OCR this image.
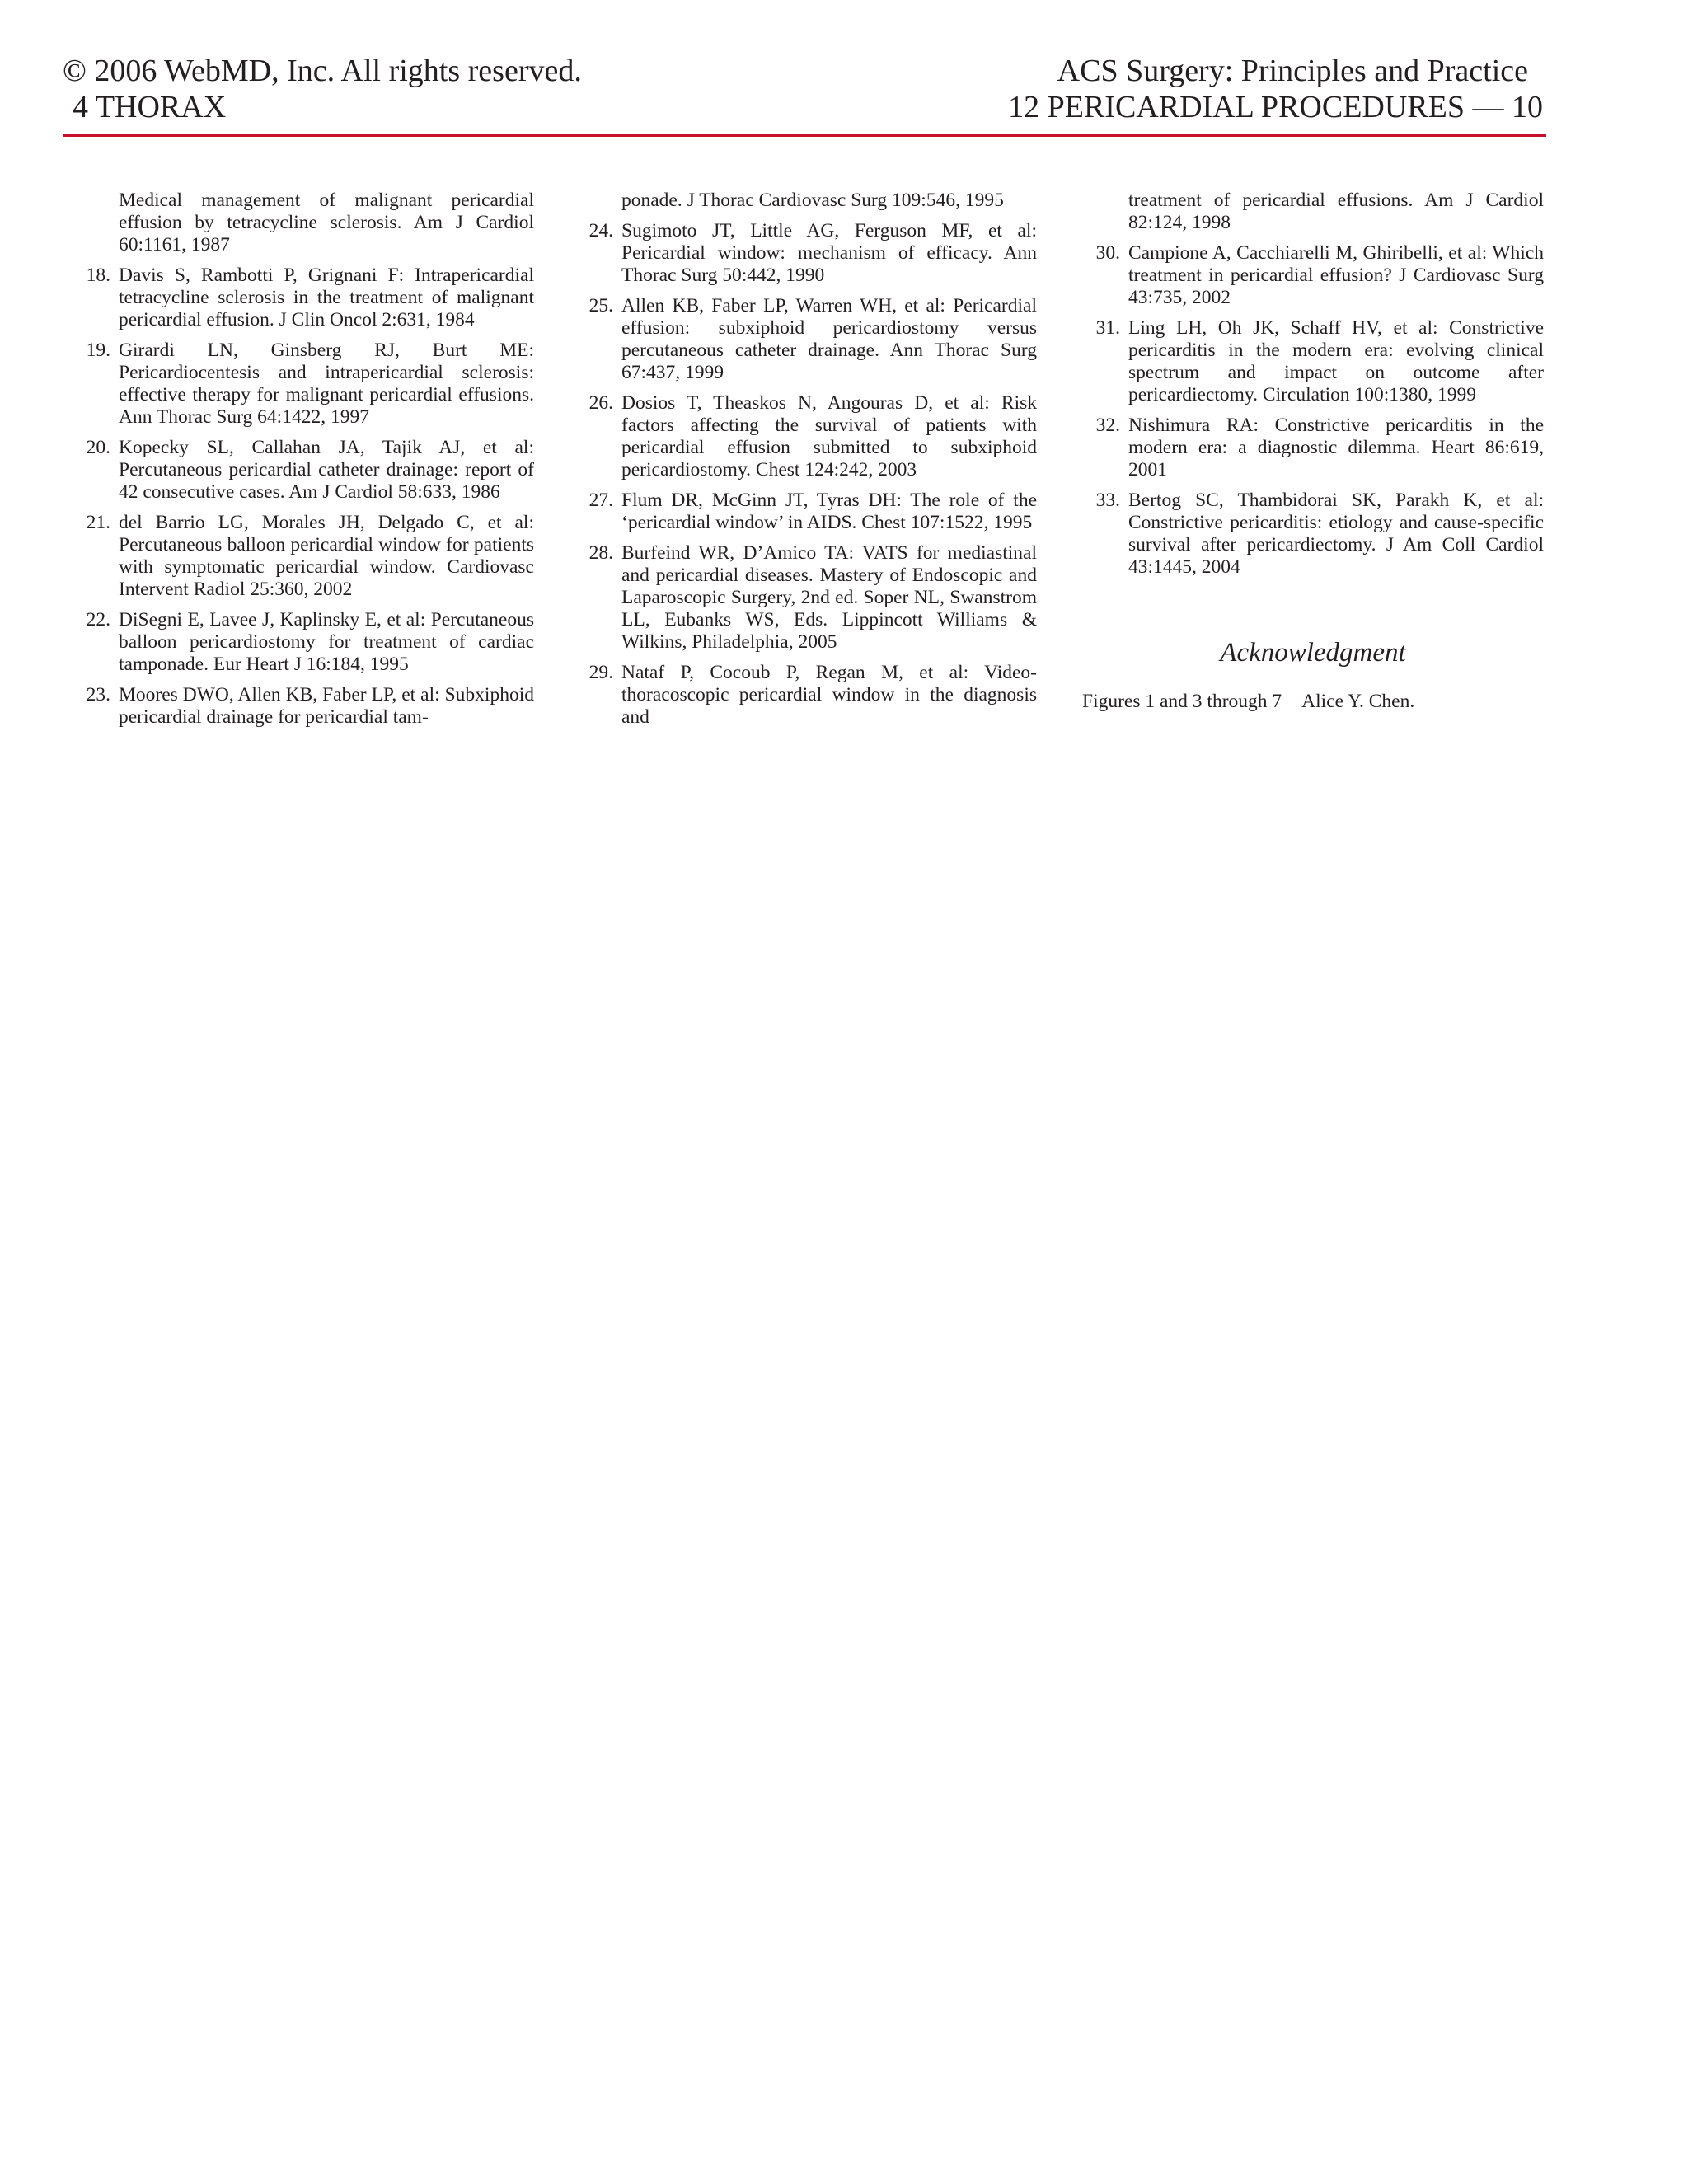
© 2006 WebMD, Inc. All rights reserved.
4 THORAX
ACS Surgery: Principles and Practice
12 PERICARDIAL PROCEDURES — 10
Medical management of malignant pericardial effusion by tetracycline sclerosis. Am J Cardiol 60:1161, 1987
18. Davis S, Rambotti P, Grignani F: Intrapericardial tetracycline sclerosis in the treatment of malignant pericardial effusion. J Clin Oncol 2:631, 1984
19. Girardi LN, Ginsberg RJ, Burt ME: Pericardiocentesis and intrapericardial sclerosis: effective therapy for malignant pericardial effusions. Ann Thorac Surg 64:1422, 1997
20. Kopecky SL, Callahan JA, Tajik AJ, et al: Percutaneous pericardial catheter drainage: report of 42 consecutive cases. Am J Cardiol 58:633, 1986
21. del Barrio LG, Morales JH, Delgado C, et al: Percutaneous balloon pericardial window for patients with symptomatic pericardial window. Cardiovasc Intervent Radiol 25:360, 2002
22. DiSegni E, Lavee J, Kaplinsky E, et al: Percutaneous balloon pericardiostomy for treatment of cardiac tamponade. Eur Heart J 16:184, 1995
23. Moores DWO, Allen KB, Faber LP, et al: Subxiphoid pericardial drainage for pericardial tam-
ponade. J Thorac Cardiovasc Surg 109:546, 1995
24. Sugimoto JT, Little AG, Ferguson MF, et al: Pericardial window: mechanism of efficacy. Ann Thorac Surg 50:442, 1990
25. Allen KB, Faber LP, Warren WH, et al: Pericardial effusion: subxiphoid pericardiostomy versus percutaneous catheter drainage. Ann Thorac Surg 67:437, 1999
26. Dosios T, Theaskos N, Angouras D, et al: Risk factors affecting the survival of patients with pericardial effusion submitted to subxiphoid pericardiostomy. Chest 124:242, 2003
27. Flum DR, McGinn JT, Tyras DH: The role of the ‘pericardial window’ in AIDS. Chest 107:1522, 1995
28. Burfeind WR, D’Amico TA: VATS for mediastinal and pericardial diseases. Mastery of Endoscopic and Laparoscopic Surgery, 2nd ed. Soper NL, Swanstrom LL, Eubanks WS, Eds. Lippincott Williams & Wilkins, Philadelphia, 2005
29. Nataf P, Cocoub P, Regan M, et al: Video-thoracoscopic pericardial window in the diagnosis and
treatment of pericardial effusions. Am J Cardiol 82:124, 1998
30. Campione A, Cacchiarelli M, Ghiribelli, et al: Which treatment in pericardial effusion? J Cardiovasc Surg 43:735, 2002
31. Ling LH, Oh JK, Schaff HV, et al: Constrictive pericarditis in the modern era: evolving clinical spectrum and impact on outcome after pericardiectomy. Circulation 100:1380, 1999
32. Nishimura RA: Constrictive pericarditis in the modern era: a diagnostic dilemma. Heart 86:619, 2001
33. Bertog SC, Thambidorai SK, Parakh K, et al: Constrictive pericarditis: etiology and cause-specific survival after pericardiectomy. J Am Coll Cardiol 43:1445, 2004
Acknowledgment
Figures 1 and 3 through 7 Alice Y. Chen.
